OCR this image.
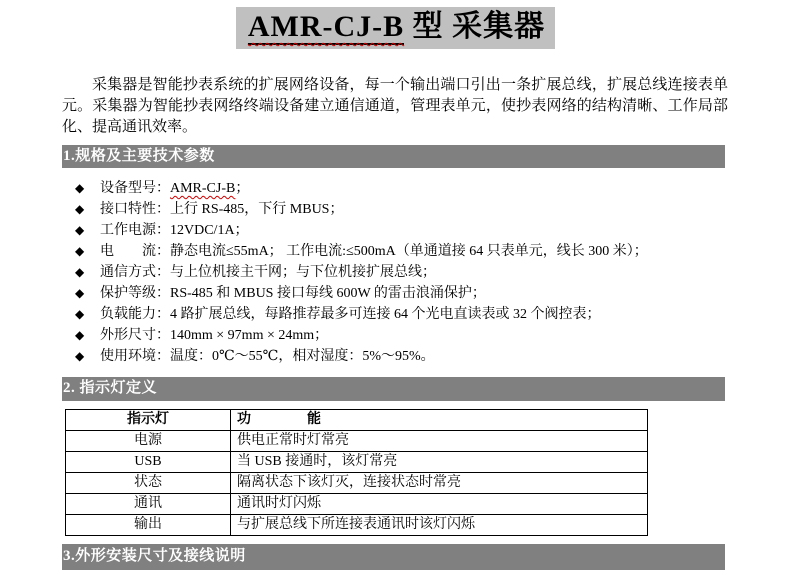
AMR-CJ-B 型 采集器

采集器是智能抄表系统的扩展网络设备，每一个输出端口引出一条扩展总线，扩展总线连接表单元。采集器为智能抄表网络终端设备建立通信通道，管理表单元，使抄表网络的结构清晰、工作局部化、提高通讯效率。

1.规格及主要技术参数
◆	设备型号：AMR-CJ-B；
◆	接口特性：上行 RS-485，下行 MBUS；
◆	工作电源：12VDC/1A；
◆	电　　流：静态电流≤55mA； 工作电流:≤500mA（单通道接 64 只表单元，线长 300 米）；
◆	通信方式：与上位机接主干网；与下位机接扩展总线；
◆	保护等级：RS-485 和 MBUS 接口每线 600W 的雷击浪涌保护；
◆	负载能力：4 路扩展总线，每路推荐最多可连接 64 个光电直读表或 32 个阀控表；
◆	外形尺寸：140mm × 97mm × 24mm；
◆	使用环境：温度：0℃～55℃，相对湿度：5%～95%。
2. 指示灯定义
指示灯	功　　　　能
电源	供电正常时灯常亮
USB	当 USB 接通时，该灯常亮
状态	隔离状态下该灯灭，连接状态时常亮
通讯	通讯时灯闪烁
输出	与扩展总线下所连接表通讯时该灯闪烁
3.外形安装尺寸及接线说明
